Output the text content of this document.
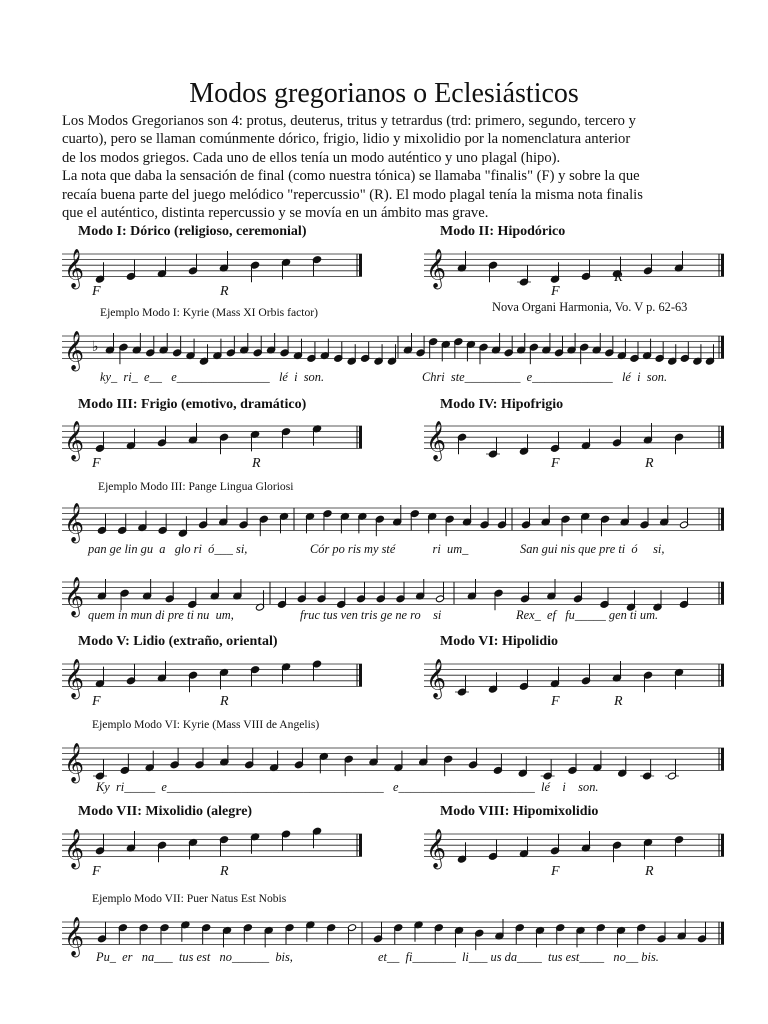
Modos gregorianos o Eclesiásticos

Los Modos Gregorianos son 4: protus, deuterus, tritus y tetrardus (trd: primero, segundo, tercero y

cuarto), pero se llaman comúnmente dórico, frigio, lidio y mixolidio por la nomenclatura anterior

de los modos griegos. Cada uno de ellos tenía un modo auténtico y uno plagal (hipo).

La nota que daba la sensación de final (como nuestra tónica) se llamaba "finalis" (F) y sobre la que

recaía buena parte del juego melódico "repercussio" (R). El modo plagal tenía la misma nota finalis

que el auténtico, distinta repercussio y se movía en un ámbito mas grave.

Modo I: Dórico (religioso, ceremonial)	Modo II: Hipodórico
Modo III: Frigio (emotivo, dramático)	Modo IV: Hipofrigio
Modo V: Lidio (extraño, oriental)	Modo VI: Hipolidio
Modo VII: Mixolidio (alegre)	Modo VIII: Hipomixolidio
Ejemplo Modo I: Kyrie (Mass XI Orbis factor)	Nova Organi Harmonia, Vo. V p. 62-63
Ejemplo Modo III: Pange Lingua Gloriosi
Ejemplo Modo VI: Kyrie (Mass VIII de Angelis)
Ejemplo Modo VII: Puer Natus Est Nobis
𝄞	𝄞
𝄞	𝄞
𝄞	𝄞
𝄞	𝄞
F	R	F
R
F	R	F	R
F	R	F	R
F	R	F	R
𝄞 ♭
𝄞
𝄞
𝄞
𝄞
ky_  ri_  e__   e_______________   lé  i  son.	Chri  ste_________  e_____________   lé  i  son.
pan ge lin gu  a   glo ri  ó___ si,	Cór po ris my sté            ri  um_	San gui nis que pre ti  ó     si,
quem in mun di pre ti nu  um,	fruc tus ven tris ge ne ro    si	Rex_  ef   fu_____ gen ti um.
Ky  ri_____  e___________________________________   e______________________  lé    i    son.
Pu_  er   na___  tus est   no______  bis,	et__  fi_______  li___ us da____  tus est____   no__ bis.
